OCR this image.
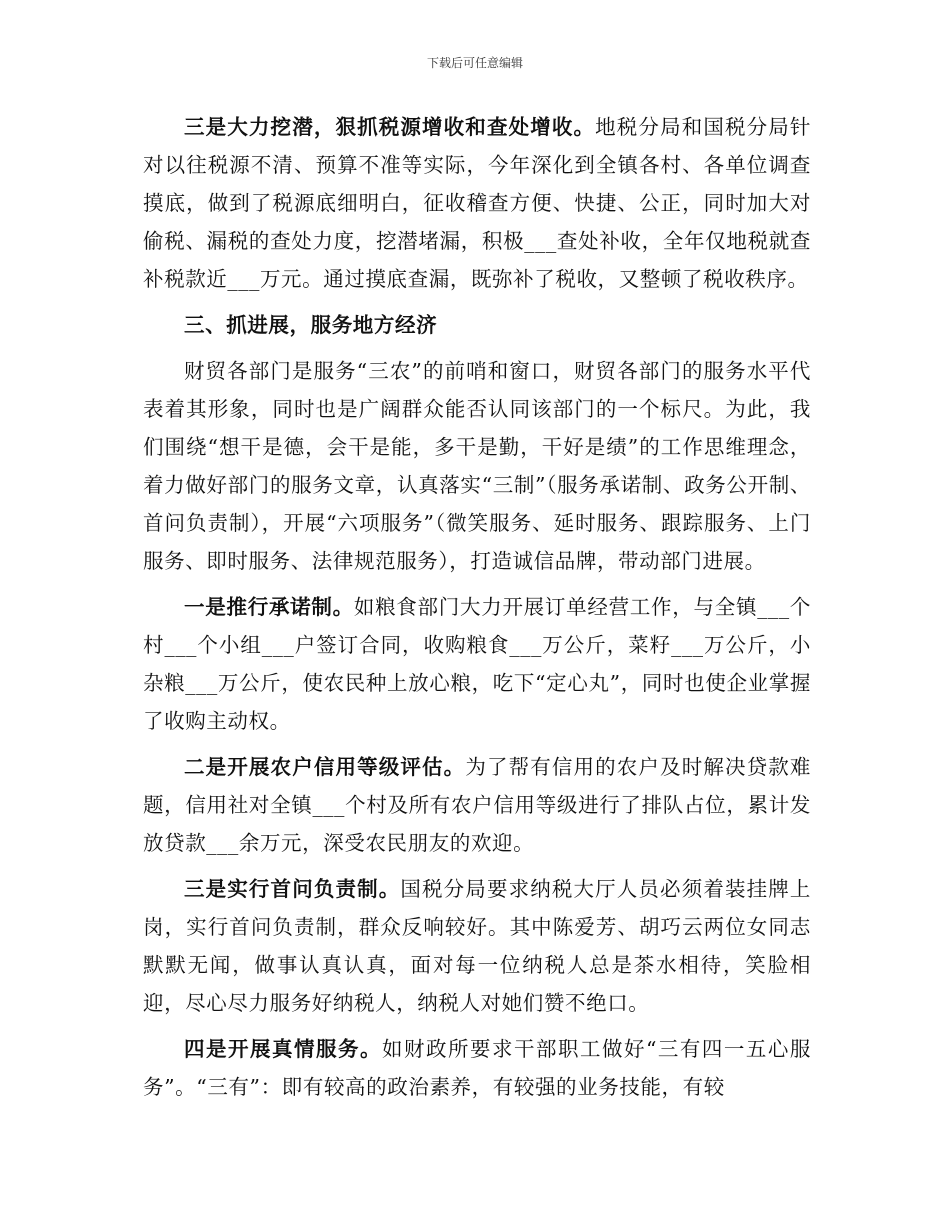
下载后可任意编辑

三是大力挖潜，狠抓税源增收和查处增收。地税分局和国税分局针对以往税源不清、预算不准等实际，今年深化到全镇各村、各单位调查摸底，做到了税源底细明白，征收稽查方便、快捷、公正，同时加大对偷税、漏税的查处力度，挖潜堵漏，积极___查处补收，全年仅地税就查补税款近___万元。通过摸底查漏，既弥补了税收，又整顿了税收秩序。

三、抓进展，服务地方经济

财贸各部门是服务“三农”的前哨和窗口，财贸各部门的服务水平代表着其形象，同时也是广阔群众能否认同该部门的一个标尺。为此，我们围绕“想干是德，会干是能，多干是勤，干好是绩”的工作思维理念，着力做好部门的服务文章，认真落实“三制”（服务承诺制、政务公开制、首问负责制），开展“六项服务”（微笑服务、延时服务、跟踪服务、上门服务、即时服务、法律规范服务），打造诚信品牌，带动部门进展。

一是推行承诺制。如粮食部门大力开展订单经营工作，与全镇___个村___个小组___户签订合同，收购粮食___万公斤，菜籽___万公斤，小杂粮___万公斤，使农民种上放心粮，吃下“定心丸”，同时也使企业掌握了收购主动权。

二是开展农户信用等级评估。为了帮有信用的农户及时解决贷款难题，信用社对全镇___个村及所有农户信用等级进行了排队占位，累计发放贷款___余万元，深受农民朋友的欢迎。

三是实行首问负责制。国税分局要求纳税大厅人员必须着装挂牌上岗，实行首问负责制，群众反响较好。其中陈爱芳、胡巧云两位女同志默默无闻，做事认真认真，面对每一位纳税人总是茶水相待，笑脸相迎，尽心尽力服务好纳税人，纳税人对她们赞不绝口。

四是开展真情服务。如财政所要求干部职工做好“三有四一五心服务”。“三有”：即有较高的政治素养，有较强的业务技能，有较
